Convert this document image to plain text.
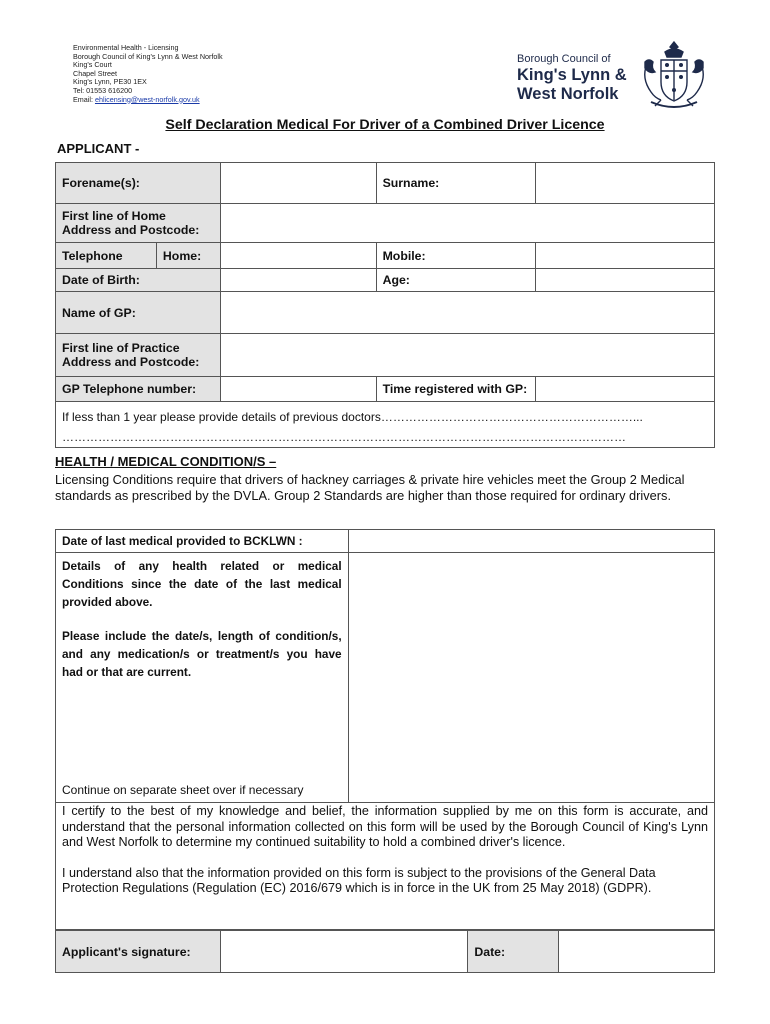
Environmental Health - Licensing
Borough Council of King's Lynn & West Norfolk
King's Court
Chapel Street
King's Lynn, PE30 1EX
Tel: 01553 616200
Email: ehlicensing@west-norfolk.gov.uk
Borough Council of
King's Lynn &
West Norfolk
Self Declaration Medical For Driver of a Combined Driver Licence
APPLICANT -
Forename(s):			Surname:	
First line of Home
Address and Postcode:				
Telephone	Home:		Mobile:	
Date of Birth:			Age:	
Name of GP:				
First line of Practice
Address and Postcode:				
GP Telephone number:			Time registered with GP:	

If less than 1 year please provide details of previous doctors………………………………………………………...
……………………………………………………………………………………………………………………………				
HEALTH / MEDICAL CONDITION/S –
Licensing Conditions require that drivers of hackney carriages & private hire vehicles meet the Group 2 Medical standards as prescribed by the DVLA. Group 2 Standards are higher than those required for ordinary drivers.
Date of last medical provided to BCKLWN :	

Details of any health related or medical Conditions since the date of the last medical provided above.
Please include the date/s, length of condition/s, and any medication/s or treatment/s you have had or that are current.
Continue on separate sheet over if necessary	

I certify to the best of my knowledge and belief, the information supplied by me on this form is accurate, and understand that the personal information collected on this form will be used by the Borough Council of King's Lynn and West Norfolk to determine my continued suitability to hold a combined driver's licence.

I understand also that the information provided on this form is subject to the provisions of the General Data Protection Regulations (Regulation (EC) 2016/679 which is in force in the UK from 25 May 2018) (GDPR).

Applicant's signature:		Date:	
